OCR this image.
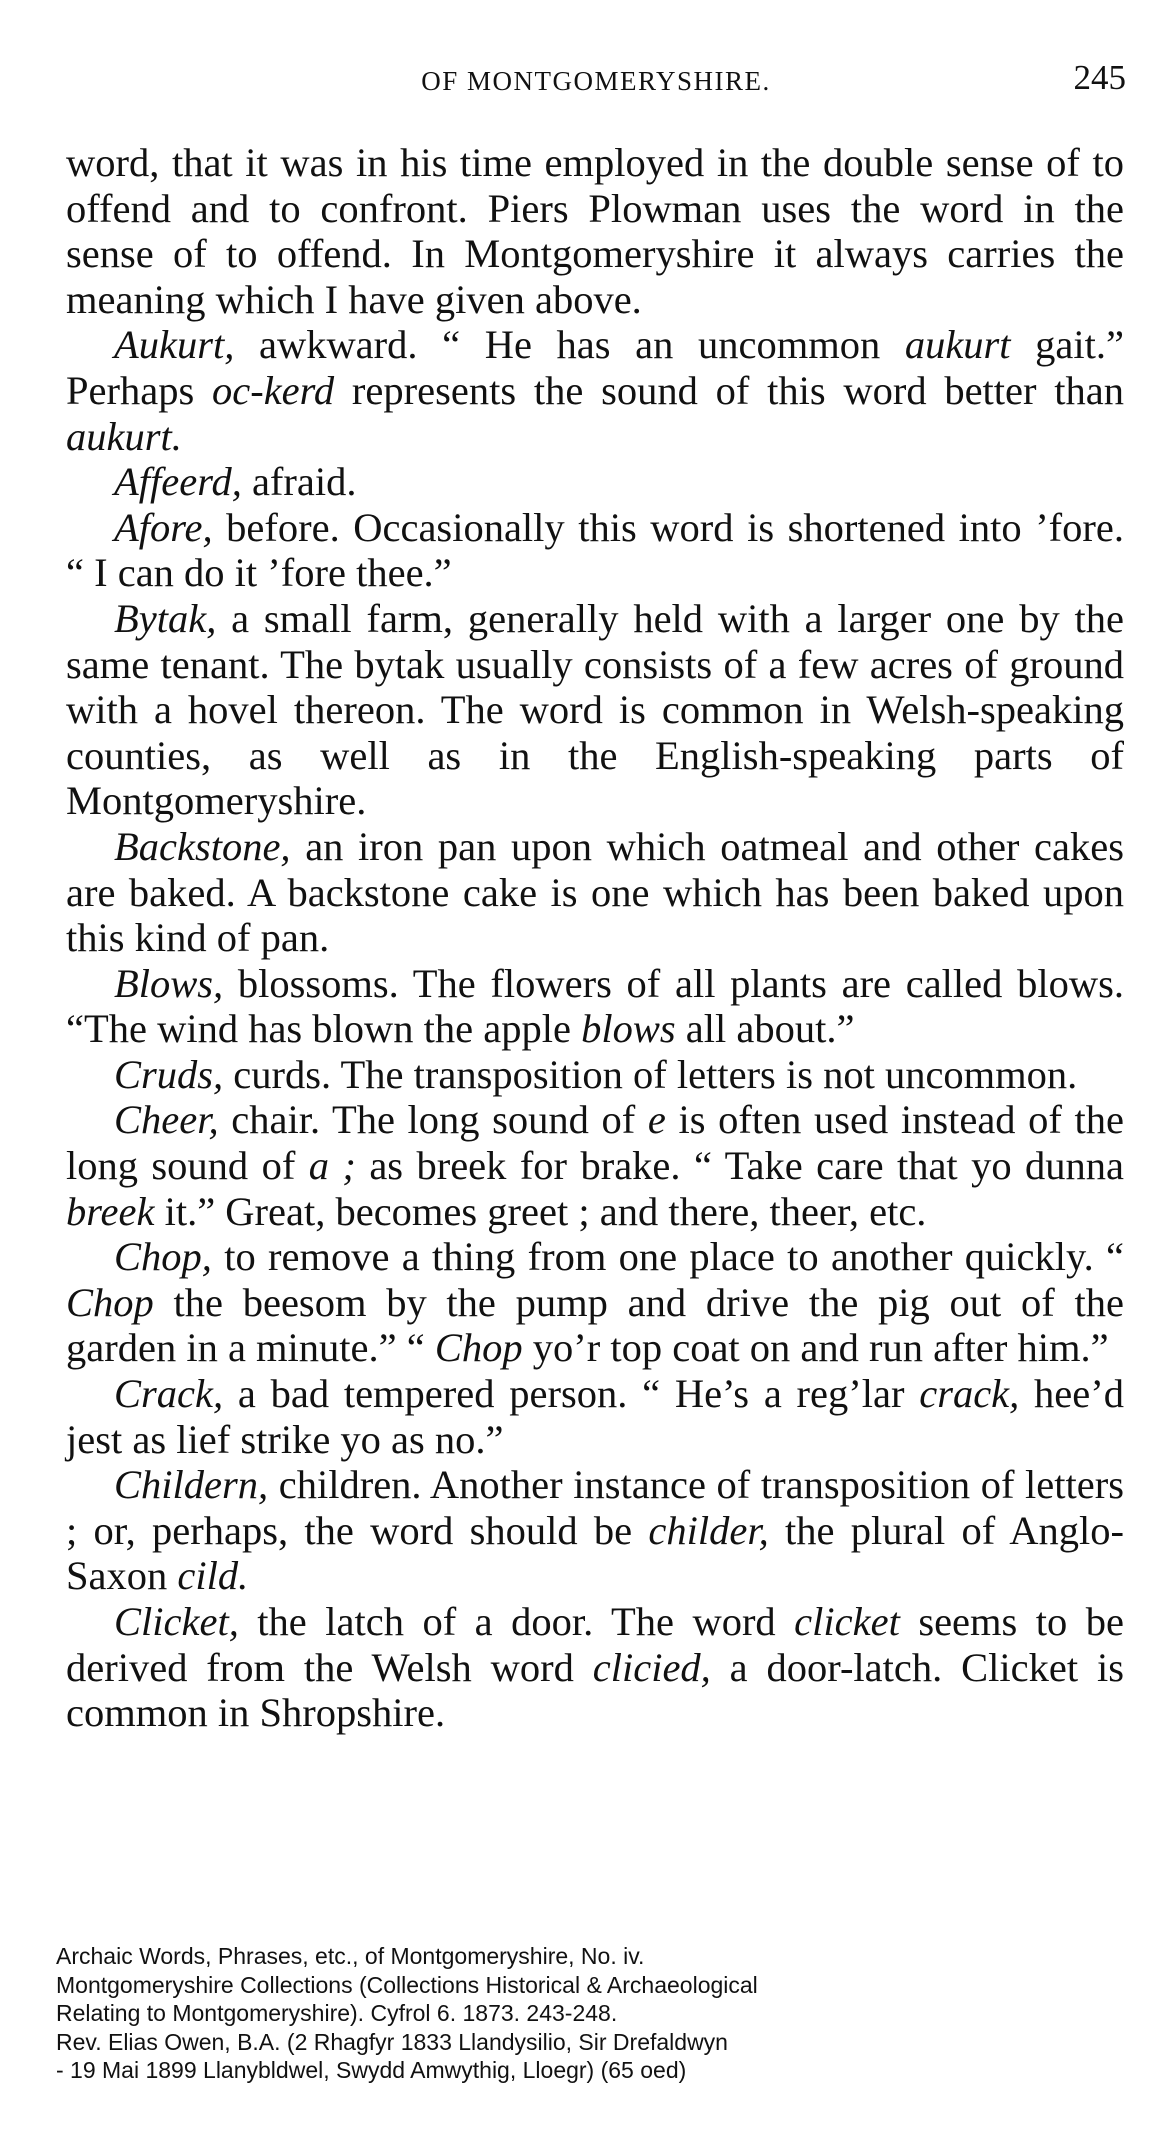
OF MONTGOMERYSHIRE.	245

word, that it was in his time employed in the double sense of to offend and to confront. Piers Plowman uses the word in the sense of to offend. In Montgomeryshire it always carries the meaning which I have given above.

Aukurt, awkward. “ He has an uncommon aukurt gait.” Perhaps oc-kerd represents the sound of this word better than aukurt.

Affeerd, afraid.

Afore, before. Occasionally this word is shortened into ’fore. “ I can do it ’fore thee.”

Bytak, a small farm, generally held with a larger one by the same tenant. The bytak usually consists of a few acres of ground with a hovel thereon. The word is common in Welsh-speaking counties, as well as in the English-speaking parts of Montgomeryshire.

Backstone, an iron pan upon which oatmeal and other cakes are baked. A backstone cake is one which has been baked upon this kind of pan.

Blows, blossoms. The flowers of all plants are called blows. “The wind has blown the apple blows all about.”

Cruds, curds. The transposition of letters is not uncommon.

Cheer, chair. The long sound of e is often used instead of the long sound of a ; as breek for brake. “ Take care that yo dunna breek it.” Great, becomes greet ; and there, theer, etc.

Chop, to remove a thing from one place to another quickly. “ Chop the beesom by the pump and drive the pig out of the garden in a minute.” “ Chop yo’r top coat on and run after him.”

Crack, a bad tempered person. “ He’s a reg’lar crack, hee’d jest as lief strike yo as no.”

Childern, children. Another instance of transposition of letters ; or, perhaps, the word should be childer, the plural of Anglo-Saxon cild.

Clicket, the latch of a door. The word clicket seems to be derived from the Welsh word clicied, a door-latch. Clicket is common in Shropshire.

Archaic Words, Phrases, etc., of Montgomeryshire, No. iv.
Montgomeryshire Collections (Collections Historical & Archaeological
Relating to Montgomeryshire). Cyfrol 6. 1873. 243-248.
Rev. Elias Owen, B.A. (2 Rhagfyr 1833 Llandysilio, Sir Drefaldwyn
- 19 Mai 1899 Llanybldwel, Swydd Amwythig, Lloegr) (65 oed)
